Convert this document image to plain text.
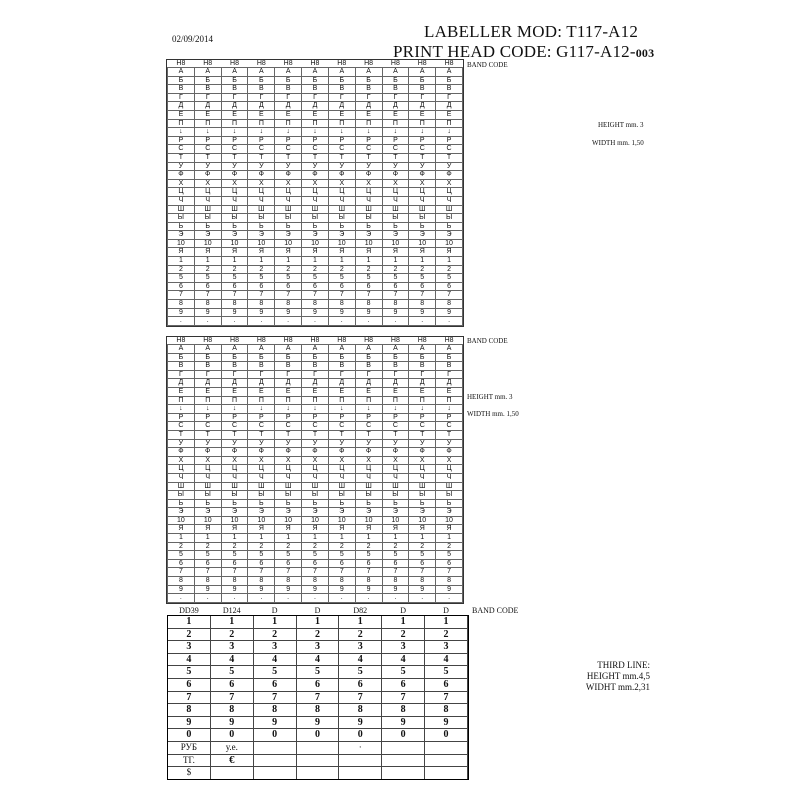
02/09/2014	LABELLER MOD: T117-A12
PRINT HEAD CODE: G117-A12-003
H8	H8	H8	H8	H8	H8	H8	H8	H8	H8	H8
А	А	А	А	А	А	А	А	А	А	А
Б	Б	Б	Б	Б	Б	Б	Б	Б	Б	Б
В	В	В	В	В	В	В	В	В	В	В
Г	Г	Г	Г	Г	Г	Г	Г	Г	Г	Г
Д	Д	Д	Д	Д	Д	Д	Д	Д	Д	Д
Е	Е	Е	Е	Е	Е	Е	Е	Е	Е	Е
П	П	П	П	П	П	П	П	П	П	П
↓	↓	↓	↓	↓	↓	↓	↓	↓	↓	↓
Р	Р	Р	Р	Р	Р	Р	Р	Р	Р	Р
С	С	С	С	С	С	С	С	С	С	С
Т	Т	Т	Т	Т	Т	Т	Т	Т	Т	Т
У	У	У	У	У	У	У	У	У	У	У
Ф	Ф	Ф	Ф	Ф	Ф	Ф	Ф	Ф	Ф	Ф
Х	Х	Х	Х	Х	Х	Х	Х	Х	Х	Х
Ц	Ц	Ц	Ц	Ц	Ц	Ц	Ц	Ц	Ц	Ц
Ч	Ч	Ч	Ч	Ч	Ч	Ч	Ч	Ч	Ч	Ч
Ш	Ш	Ш	Ш	Ш	Ш	Ш	Ш	Ш	Ш	Ш
Ы	Ы	Ы	Ы	Ы	Ы	Ы	Ы	Ы	Ы	Ы
Ь	Ь	Ь	Ь	Ь	Ь	Ь	Ь	Ь	Ь	Ь
Э	Э	Э	Э	Э	Э	Э	Э	Э	Э	Э
10	10	10	10	10	10	10	10	10	10	10
Я	Я	Я	Я	Я	Я	Я	Я	Я	Я	Я
1	1	1	1	1	1	1	1	1	1	1
2	2	2	2	2	2	2	2	2	2	2
5	5	5	5	5	5	5	5	5	5	5
6	6	6	6	6	6	6	6	6	6	6
7	7	7	7	7	7	7	7	7	7	7
8	8	8	8	8	8	8	8	8	8	8
9	9	9	9	9	9	9	9	9	9	9
.	.	.	.	.	.	.	.	.	.	.
BAND CODE
HEIGHT mm. 3
WIDTH mm. 1,50
H8	H8	H8	H8	H8	H8	H8	H8	H8	H8	H8
А	А	А	А	А	А	А	А	А	А	А
Б	Б	Б	Б	Б	Б	Б	Б	Б	Б	Б
В	В	В	В	В	В	В	В	В	В	В
Г	Г	Г	Г	Г	Г	Г	Г	Г	Г	Г
Д	Д	Д	Д	Д	Д	Д	Д	Д	Д	Д
Е	Е	Е	Е	Е	Е	Е	Е	Е	Е	Е
П	П	П	П	П	П	П	П	П	П	П
↓	↓	↓	↓	↓	↓	↓	↓	↓	↓	↓
Р	Р	Р	Р	Р	Р	Р	Р	Р	Р	Р
С	С	С	С	С	С	С	С	С	С	С
Т	Т	Т	Т	Т	Т	Т	Т	Т	Т	Т
У	У	У	У	У	У	У	У	У	У	У
Ф	Ф	Ф	Ф	Ф	Ф	Ф	Ф	Ф	Ф	Ф
Х	Х	Х	Х	Х	Х	Х	Х	Х	Х	Х
Ц	Ц	Ц	Ц	Ц	Ц	Ц	Ц	Ц	Ц	Ц
Ч	Ч	Ч	Ч	Ч	Ч	Ч	Ч	Ч	Ч	Ч
Ш	Ш	Ш	Ш	Ш	Ш	Ш	Ш	Ш	Ш	Ш
Ы	Ы	Ы	Ы	Ы	Ы	Ы	Ы	Ы	Ы	Ы
Ь	Ь	Ь	Ь	Ь	Ь	Ь	Ь	Ь	Ь	Ь
Э	Э	Э	Э	Э	Э	Э	Э	Э	Э	Э
10	10	10	10	10	10	10	10	10	10	10
Я	Я	Я	Я	Я	Я	Я	Я	Я	Я	Я
1	1	1	1	1	1	1	1	1	1	1
2	2	2	2	2	2	2	2	2	2	2
5	5	5	5	5	5	5	5	5	5	5
6	6	6	6	6	6	6	6	6	6	6
7	7	7	7	7	7	7	7	7	7	7
8	8	8	8	8	8	8	8	8	8	8
9	9	9	9	9	9	9	9	9	9	9
.	.	.	.	.	.	.	.	.	.	.
BAND CODE
HEIGHT mm. 3
WIDTH mm. 1,50
DD39	D124	D	D	D82	D	D
1	1	1	1	1	1	1
2	2	2	2	2	2	2
3	3	3	3	3	3	3
4	4	4	4	4	4	4
5	5	5	5	5	5	5
6	6	6	6	6	6	6
7	7	7	7	7	7	7
8	8	8	8	8	8	8
9	9	9	9	9	9	9
0	0	0	0	0	0	0
РУБ	у.е.			·		
ТГ.	€					
$						
BAND CODE
THIRD LINE:
HEIGHT mm.4,5
WIDHT mm.2,31
